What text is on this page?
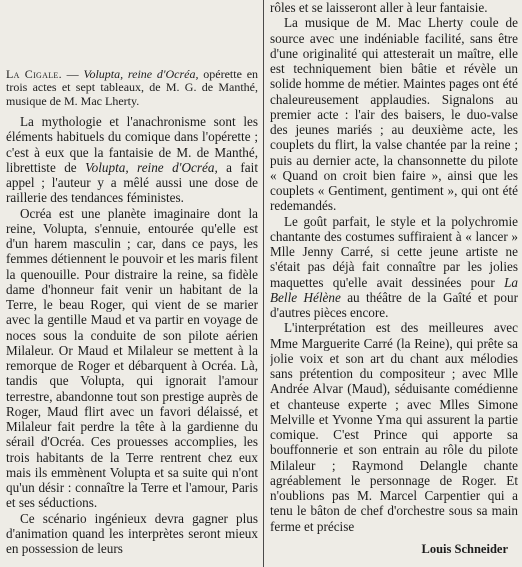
La Cigale. — Volupta, reine d'Ocréa, opérette en trois actes et sept tableaux, de M. G. de Manthé, musique de M. Mac Lherty.

La mythologie et l'anachronisme sont les éléments habituels du comique dans l'opérette ; c'est à eux que la fantaisie de M. de Manthé, librettiste de Volupta, reine d'Ocréa, a fait appel ; l'auteur y a mêlé aussi une dose de raillerie des tendances féministes.

Ocréa est une planète imaginaire dont la reine, Volupta, s'ennuie, entourée qu'elle est d'un harem masculin ; car, dans ce pays, les femmes détiennent le pouvoir et les maris filent la quenouille. Pour distraire la reine, sa fidèle dame d'honneur fait venir un habitant de la Terre, le beau Roger, qui vient de se marier avec la gentille Maud et va partir en voyage de noces sous la conduite de son pilote aérien Milaleur. Or Maud et Milaleur se mettent à la remorque de Roger et débarquent à Ocréa. Là, tandis que Volupta, qui ignorait l'amour terrestre, abandonne tout son prestige auprès de Roger, Maud flirt avec un favori délaissé, et Milaleur fait perdre la tête à la gardienne du sérail d'Ocréa. Ces prouesses accomplies, les trois habitants de la Terre rentrent chez eux mais ils emmènent Volupta et sa suite qui n'ont qu'un désir : connaître la Terre et l'amour, Paris et ses séductions.

Ce scénario ingénieux devra gagner plus d'animation quand les interprètes seront mieux en possession de leurs

rôles et se laisseront aller à leur fantaisie.

La musique de M. Mac Lherty coule de source avec une indéniable facilité, sans être d'une originalité qui attesterait un maître, elle est techniquement bien bâtie et révèle un solide homme de métier. Maintes pages ont été chaleureusement applaudies. Signalons au premier acte : l'air des baisers, le duo-valse des jeunes mariés ; au deuxième acte, les couplets du flirt, la valse chantée par la reine ; puis au dernier acte, la chansonnette du pilote « Quand on croit bien faire », ainsi que les couplets « Gentiment, gentiment », qui ont été redemandés.

Le goût parfait, le style et la polychromie chantante des costumes suffiraient à « lancer » Mlle Jenny Carré, si cette jeune artiste ne s'était pas déjà fait connaître par les jolies maquettes qu'elle avait dessinées pour La Belle Hélène au théâtre de la Gaîté et pour d'autres pièces encore.

L'interprétation est des meilleures avec Mme Marguerite Carré (la Reine), qui prête sa jolie voix et son art du chant aux mélodies sans prétention du compositeur ; avec Mlle Andrée Alvar (Maud), séduisante comédienne et chanteuse experte ; avec Mlles Simone Melville et Yvonne Yma qui assurent la partie comique. C'est Prince qui apporte sa bouffonnerie et son entrain au rôle du pilote Milaleur ; Raymond Delangle chante agréablement le personnage de Roger. Et n'oublions pas M. Marcel Carpentier qui a tenu le bâton de chef d'orchestre sous sa main ferme et précise

Louis Schneider
